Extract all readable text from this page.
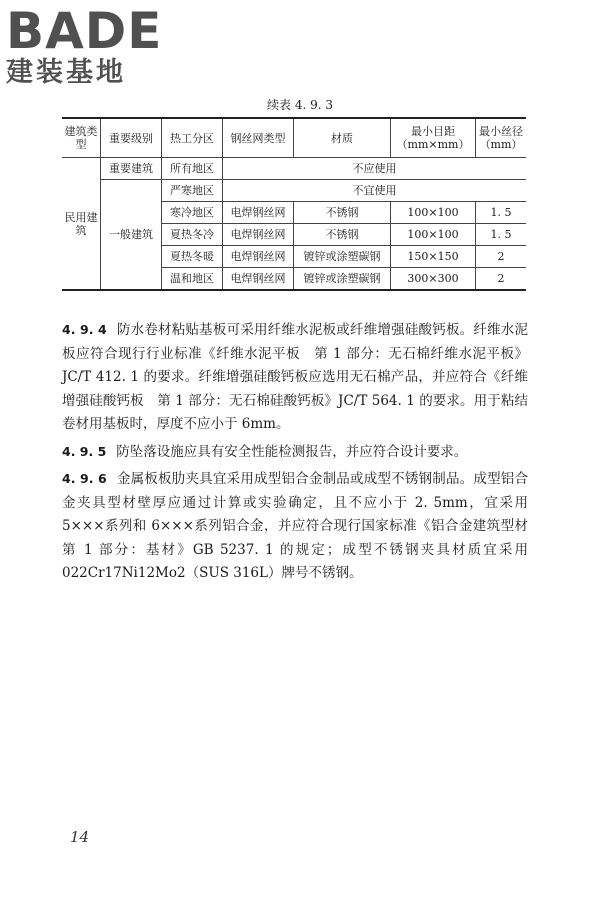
BADE
建装基地
续表 4. 9. 3
建筑类型	重要级别	热工分区	钢丝网类型	材质	最小目距（mm×mm）	最小丝径（mm）
民用建筑	重要建筑	所有地区	不应使用			
	一般建筑	严寒地区	不宜使用			
		寒冷地区	电焊钢丝网	不锈钢	100×100	1. 5
		夏热冬冷	电焊钢丝网	不锈钢	100×100	1. 5
		夏热冬暖	电焊钢丝网	镀锌或涂塑碳钢	150×150	2
		温和地区	电焊钢丝网	镀锌或涂塑碳钢	300×300	2

4. 9. 4 防水卷材粘贴基板可采用纤维水泥板或纤维增强硅酸钙板。纤维水泥板应符合现行行业标准《纤维水泥平板　第 1 部分：无石棉纤维水泥平板》JC/T 412. 1 的要求。纤维增强硅酸钙板应选用无石棉产品，并应符合《纤维增强硅酸钙板　第 1 部分：无石棉硅酸钙板》JC/T 564. 1 的要求。用于粘结卷材用基板时，厚度不应小于 6mm。

4. 9. 5 防坠落设施应具有安全性能检测报告，并应符合设计要求。

4. 9. 6 金属板板肋夹具宜采用成型铝合金制品或成型不锈钢制品。成型铝合金夹具型材壁厚应通过计算或实验确定，且不应小于 2. 5mm，宜采用 5×××系列和 6×××系列铝合金，并应符合现行国家标准《铝合金建筑型材　第 1 部分：基材》GB 5237. 1 的规定；成型不锈钢夹具材质宜采用 022Cr17Ni12Mo2（SUS 316L）牌号不锈钢。

14
